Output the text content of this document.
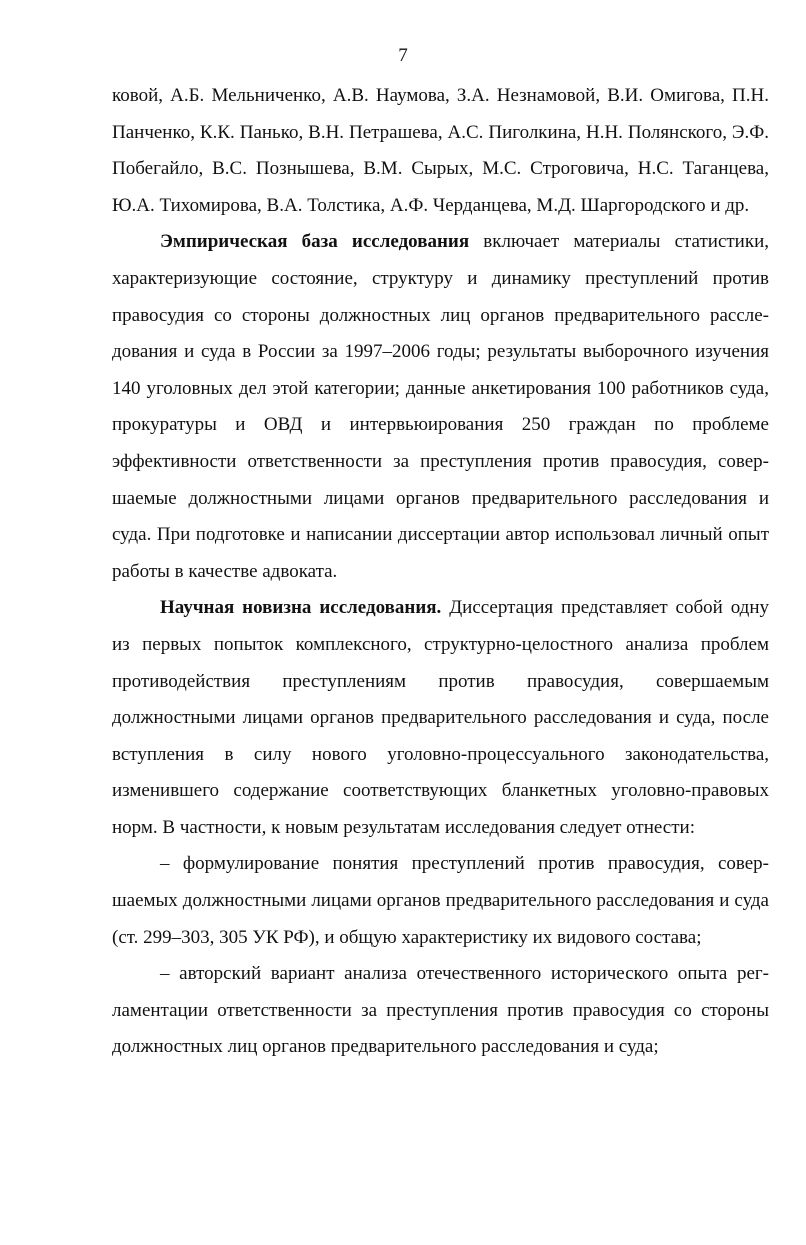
7

ковой, А.Б. Мельниченко, А.В. Наумова, З.А. Незнамовой, В.И. Омигова, П.Н. Панченко, К.К. Панько, В.Н. Петрашева, А.С. Пиголкина, Н.Н. Полянского, Э.Ф. Побегайло, В.С. Познышева, В.М. Сырых, М.С. Строговича, Н.С. Таганцева, Ю.А. Тихомирова, В.А. Толстика, А.Ф. Черданцева, М.Д. Шаргородского и др.

Эмпирическая база исследования включает материалы статистики, характеризующие состояние, структуру и динамику преступлений против правосудия со стороны должностных лиц органов предварительного расследования и суда в России за 1997–2006 годы; результаты выборочного изучения 140 уголовных дел этой категории; данные анкетирования 100 работников суда, прокуратуры и ОВД и интервьюирования 250 граждан по проблеме эффективности ответственности за преступления против правосудия, совершаемые должностными лицами органов предварительного расследования и суда. При подготовке и написании диссертации автор использовал личный опыт работы в качестве адвоката.

Научная новизна исследования. Диссертация представляет собой одну из первых попыток комплексного, структурно-целостного анализа проблем противодействия преступлениям против правосудия, совершаемым должностными лицами органов предварительного расследования и суда, после вступления в силу нового уголовно-процессуального законодательства, изменившего содержание соответствующих бланкетных уголовно-правовых норм. В частности, к новым результатам исследования следует отнести:

– формулирование понятия преступлений против правосудия, совершаемых должностными лицами органов предварительного расследования и суда (ст. 299–303, 305 УК РФ), и общую характеристику их видового состава;

– авторский вариант анализа отечественного исторического опыта регламентации ответственности за преступления против правосудия со стороны должностных лиц органов предварительного расследования и суда;
